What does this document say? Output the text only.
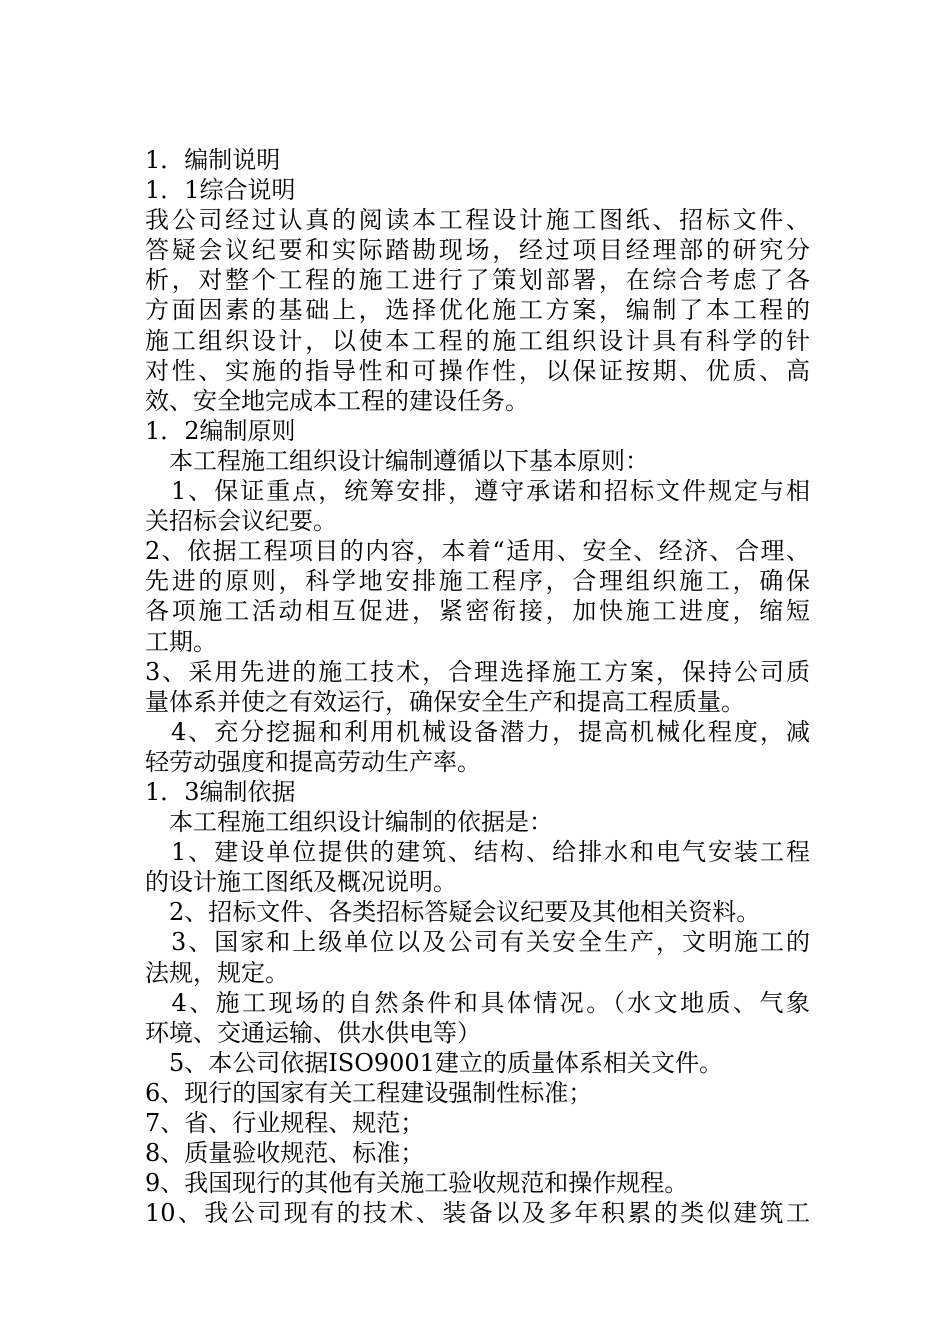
1．编制说明
1．1综合说明
我公司经过认真的阅读本工程设计施工图纸、招标文件、
答疑会议纪要和实际踏勘现场，经过项目经理部的研究分
析，对整个工程的施工进行了策划部署，在综合考虑了各
方面因素的基础上，选择优化施工方案，编制了本工程的
施工组织设计，以使本工程的施工组织设计具有科学的针
对性、实施的指导性和可操作性，以保证按期、优质、高
效、安全地完成本工程的建设任务。
1．2编制原则
　本工程施工组织设计编制遵循以下基本原则：
　1、保证重点，统筹安排，遵守承诺和招标文件规定与相
关招标会议纪要。
2、依据工程项目的内容，本着“适用、安全、经济、合理、
先进的原则，科学地安排施工程序，合理组织施工，确保
各项施工活动相互促进，紧密衔接，加快施工进度，缩短
工期。
3、采用先进的施工技术，合理选择施工方案，保持公司质
量体系并使之有效运行，确保安全生产和提高工程质量。
　4、充分挖掘和利用机械设备潜力，提高机械化程度，减
轻劳动强度和提高劳动生产率。
1．3编制依据
　本工程施工组织设计编制的依据是：
　1、建设单位提供的建筑、结构、给排水和电气安装工程
的设计施工图纸及概况说明。
　2、招标文件、各类招标答疑会议纪要及其他相关资料。
　3、国家和上级单位以及公司有关安全生产，文明施工的
法规，规定。
　4、施工现场的自然条件和具体情况。（水文地质、气象
环境、交通运输、供水供电等）
　5、本公司依据ISO9001建立的质量体系相关文件。
6、现行的国家有关工程建设强制性标准；
7、省、行业规程、规范；
8、质量验收规范、标准；
9、我国现行的其他有关施工验收规范和操作规程。
10、我公司现有的技术、装备以及多年积累的类似建筑工
